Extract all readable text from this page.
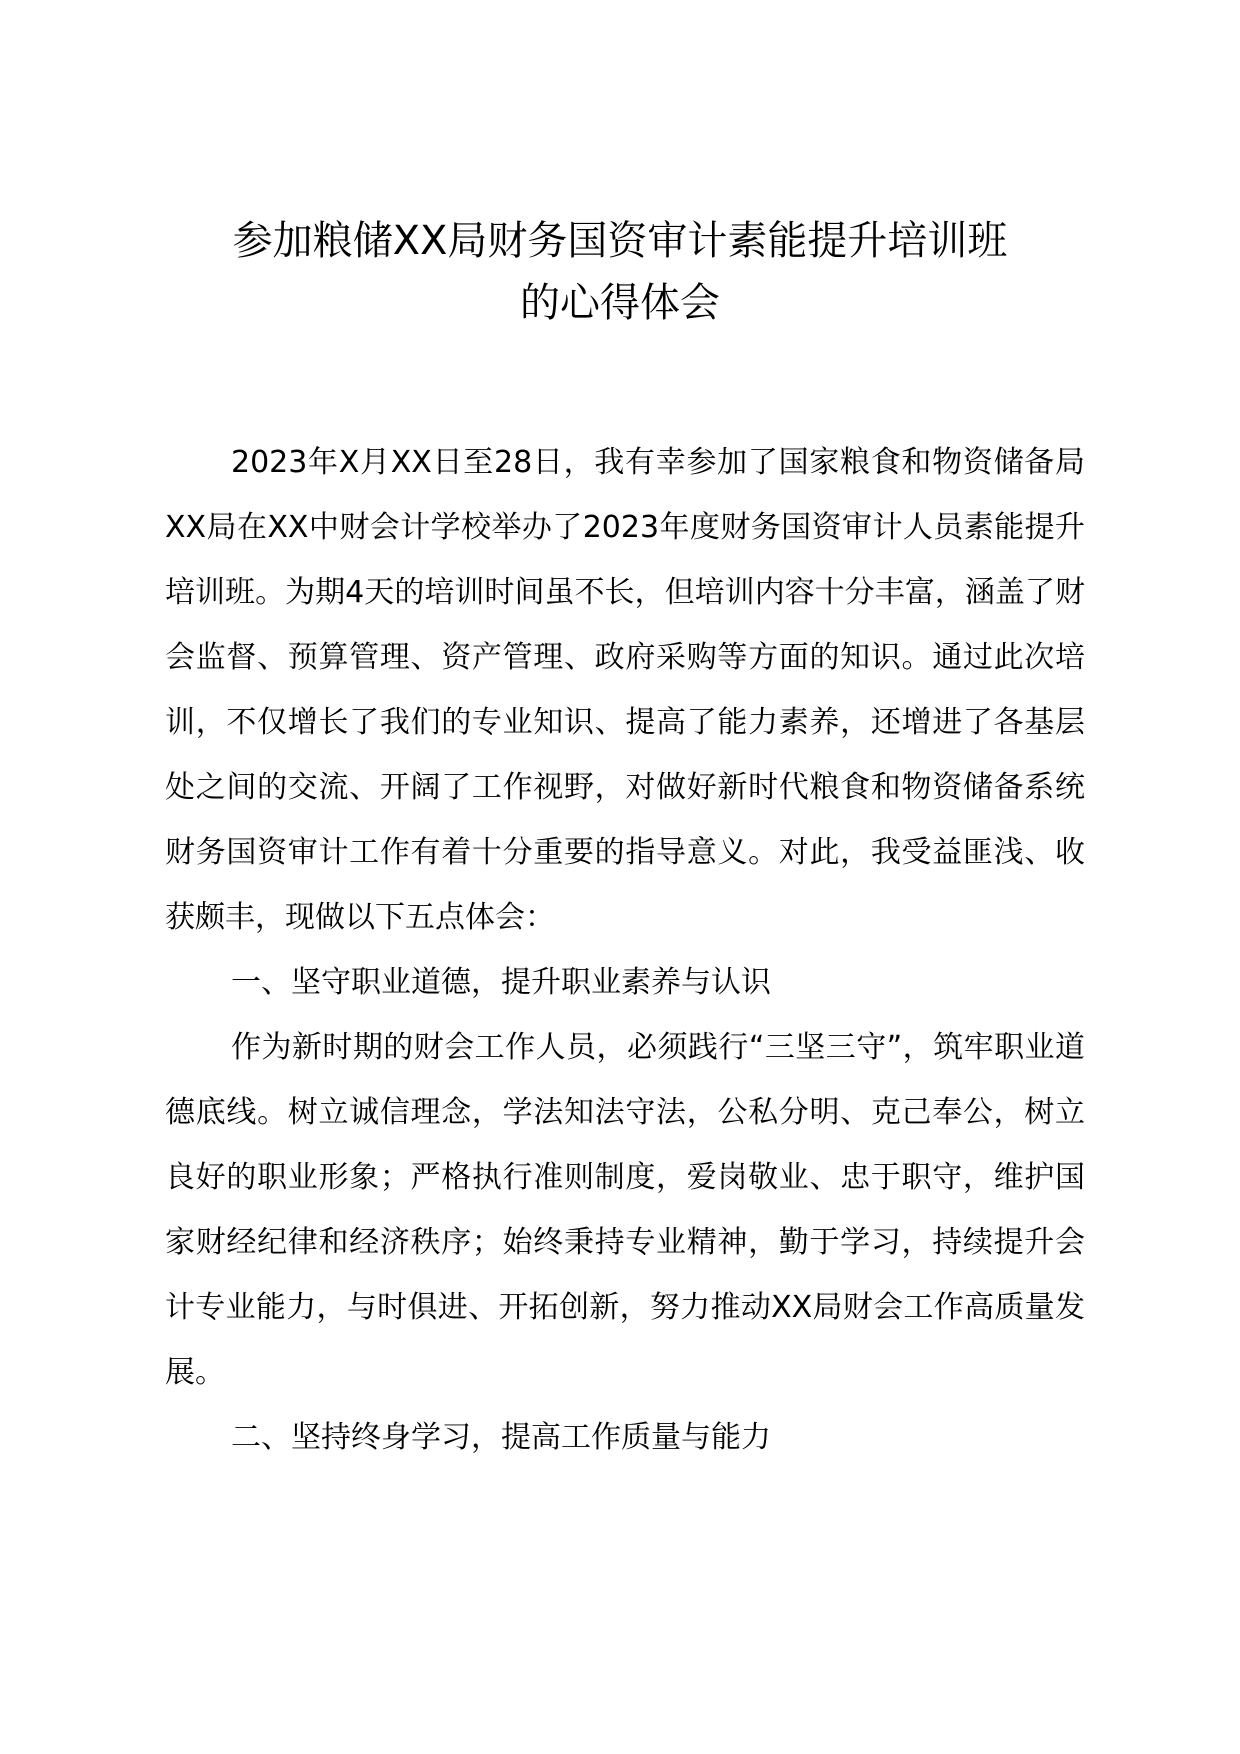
参加粮储XX局财务国资审计素能提升培训班
的心得体会

2023年X月XX日至28日，我有幸参加了国家粮食和物资储备局XX局在XX中财会计学校举办了2023年度财务国资审计人员素能提升培训班。为期4天的培训时间虽不长，但培训内容十分丰富，涵盖了财会监督、预算管理、资产管理、政府采购等方面的知识。通过此次培训，不仅增长了我们的专业知识、提高了能力素养，还增进了各基层处之间的交流、开阔了工作视野，对做好新时代粮食和物资储备系统财务国资审计工作有着十分重要的指导意义。对此，我受益匪浅、收获颇丰，现做以下五点体会：

一、坚守职业道德，提升职业素养与认识

作为新时期的财会工作人员，必须践行“三坚三守”，筑牢职业道德底线。树立诚信理念，学法知法守法，公私分明、克己奉公，树立良好的职业形象；严格执行准则制度，爱岗敬业、忠于职守，维护国家财经纪律和经济秩序；始终秉持专业精神，勤于学习，持续提升会计专业能力，与时俱进、开拓创新，努力推动XX局财会工作高质量发展。

二、坚持终身学习，提高工作质量与能力
